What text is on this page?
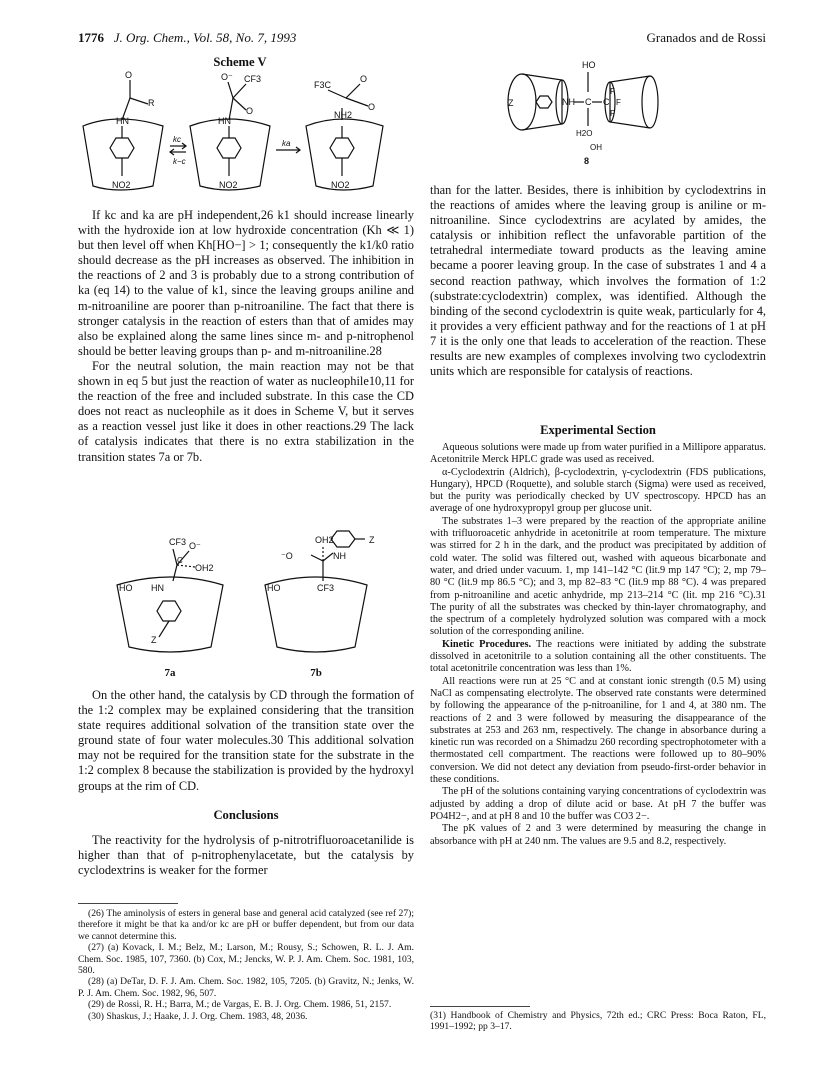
1776 J. Org. Chem., Vol. 58, No. 7, 1993	Granados and de Rossi
Scheme V
HN
O
R
NO2
HN
O⁻ CF3
O
NO2
NH2
F3C
O
O
NO2
kc
k−c
ka
HO
NH C C
F
F
F
H2O
OH
Z
8

If kc and ka are pH independent,26 k1 should increase linearly with the hydroxide ion at low hydroxide concentration (Kh ≪ 1) but then level off when Kh[HO−] > 1; consequently the k1/k0 ratio should decrease as the pH increases as observed. The inhibition in the reactions of 2 and 3 is probably due to a strong contribution of ka (eq 14) to the value of k1, since the leaving groups aniline and m-nitroaniline are poorer than p-nitroaniline. The fact that there is stronger catalysis in the reaction of esters than that of amides may also be explained along the same lines since m- and p-nitrophenol should be better leaving groups than p- and m-nitroaniline.28

For the neutral solution, the main reaction may not be that shown in eq 5 but just the reaction of water as nucleophile10,11 for the reaction of the free and included substrate. In this case the CD does not react as nucleophile as it does in Scheme V, but it serves as a reaction vessel just like it does in other reactions.29 The lack of catalysis indicates that there is no extra stabilization in the transition states 7a or 7b.

CF3 O⁻
OH2
C
HO HN
Z
OH2
⁻O	NH
HO	CF3
Z
7a	7b

On the other hand, the catalysis by CD through the formation of the 1:2 complex may be explained considering that the transition state requires additional solvation of the transition state over the ground state of four water molecules.30 This additional solvation may not be required for the transition state for the substrate in the 1:2 complex 8 because the stabilization is provided by the hydroxyl groups at the rim of CD.

Conclusions

The reactivity for the hydrolysis of p-nitrotrifluoroacetanilide is higher than that of p-nitrophenylacetate, but the catalysis by cyclodextrins is weaker for the former

(26) The aminolysis of esters in general base and general acid catalyzed (see ref 27); therefore it might be that ka and/or kc are pH or buffer dependent, but from our data we cannot determine this.

(27) (a) Kovack, I. M.; Belz, M.; Larson, M.; Rousy, S.; Schowen, R. L. J. Am. Chem. Soc. 1985, 107, 7360. (b) Cox, M.; Jencks, W. P. J. Am. Chem. Soc. 1981, 103, 580.

(28) (a) DeTar, D. F. J. Am. Chem. Soc. 1982, 105, 7205. (b) Gravitz, N.; Jenks, W. P. J. Am. Chem. Soc. 1982, 96, 507.

(29) de Rossi, R. H.; Barra, M.; de Vargas, E. B. J. Org. Chem. 1986, 51, 2157.

(30) Shaskus, J.; Haake, J. J. Org. Chem. 1983, 48, 2036.

than for the latter. Besides, there is inhibition by cyclodextrins in the reactions of amides where the leaving group is aniline or m-nitroaniline. Since cyclodextrins are acylated by amides, the catalysis or inhibition reflect the unfavorable partition of the tetrahedral intermediate toward products as the leaving amine became a poorer leaving group. In the case of substrates 1 and 4 a second reaction pathway, which involves the formation of 1:2 (substrate:cyclodextrin) complex, was identified. Although the binding of the second cyclodextrin is quite weak, particularly for 4, it provides a very efficient pathway and for the reactions of 1 at pH 7 it is the only one that leads to acceleration of the reaction. These results are new examples of complexes involving two cyclodextrin units which are responsible for catalysis of reactions.

Experimental Section

Aqueous solutions were made up from water purified in a Millipore apparatus. Acetonitrile Merck HPLC grade was used as received.

α-Cyclodextrin (Aldrich), β-cyclodextrin, γ-cyclodextrin (FDS publications, Hungary), HPCD (Roquette), and soluble starch (Sigma) were used as received, but the purity was periodically checked by UV spectroscopy. HPCD has an average of one hydroxypropyl group per glucose unit.

The substrates 1–3 were prepared by the reaction of the appropriate aniline with trifluoroacetic anhydride in acetonitrile at room temperature. The mixture was stirred for 2 h in the dark, and the product was precipitated by addition of cold water. The solid was filtered out, washed with aqueous bicarbonate and water, and dried under vacuum. 1, mp 141–142 °C (lit.9 mp 147 °C); 2, mp 79–80 °C (lit.9 mp 86.5 °C); and 3, mp 82–83 °C (lit.9 mp 88 °C). 4 was prepared from p-nitroaniline and acetic anhydride, mp 213–214 °C (lit. mp 216 °C).31 The purity of all the substrates was checked by thin-layer chromatography, and the spectrum of a completely hydrolyzed solution was compared with a mock solution of the corresponding aniline.

Kinetic Procedures. The reactions were initiated by adding the substrate dissolved in acetonitrile to a solution containing all the other constituents. The total acetonitrile concentration was less than 1%.

All reactions were run at 25 °C and at constant ionic strength (0.5 M) using NaCl as compensating electrolyte. The observed rate constants were determined by following the appearance of the p-nitroaniline, for 1 and 4, at 380 nm. The reactions of 2 and 3 were followed by measuring the disappearance of the substrates at 253 and 263 nm, respectively. The change in absorbance during a kinetic run was recorded on a Shimadzu 260 recording spectrophotometer with a thermostated cell compartment. The reactions were followed up to 80–90% conversion. We did not detect any deviation from pseudo-first-order behavior in these conditions.

The pH of the solutions containing varying concentrations of cyclodextrin was adjusted by adding a drop of dilute acid or base. At pH 7 the buffer was PO4H2−, and at pH 8 and 10 the buffer was CO3 2−.

The pK values of 2 and 3 were determined by measuring the change in absorbance with pH at 240 nm. The values are 9.5 and 8.2, respectively.

(31) Handbook of Chemistry and Physics, 72th ed.; CRC Press: Boca Raton, FL, 1991–1992; pp 3–17.
